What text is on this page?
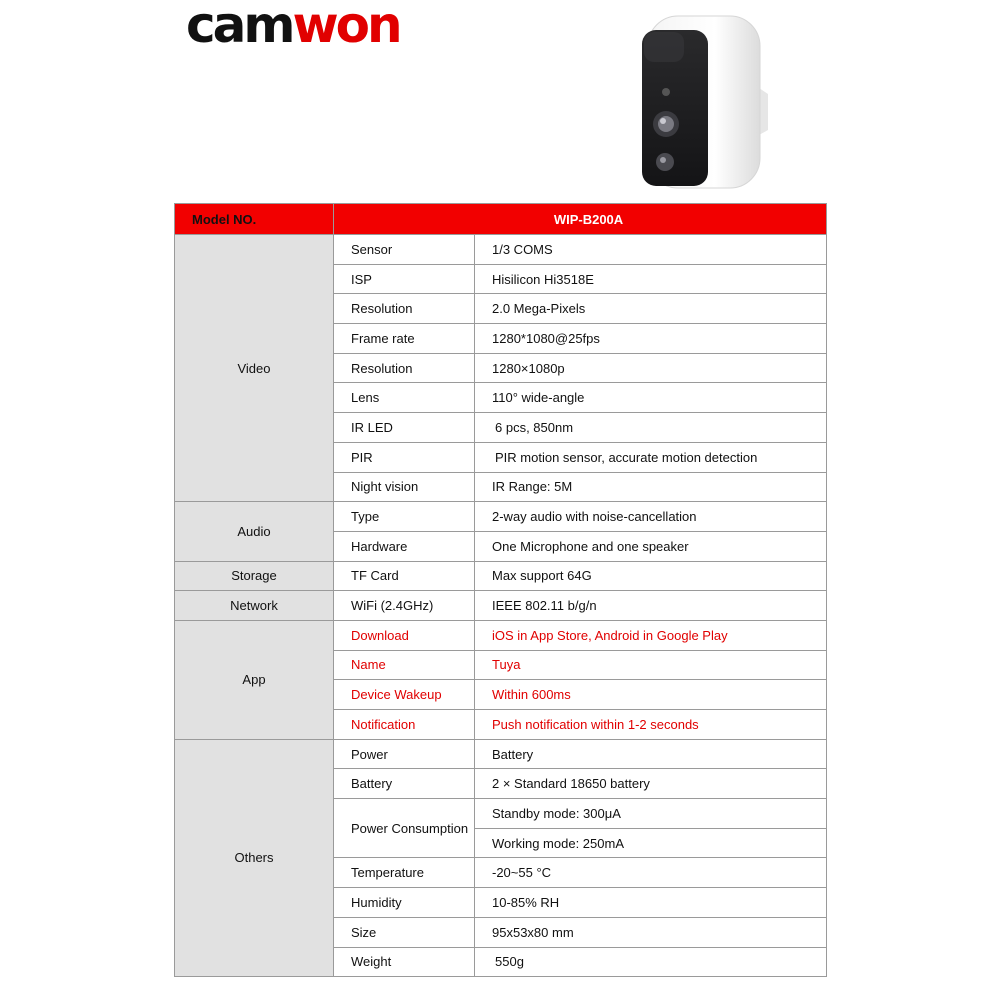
camwon
Model NO.	WIP-B200A	
Video	Sensor	1/3 COMS
	ISP	Hisilicon Hi3518E
	Resolution	2.0 Mega-Pixels
	Frame rate	1280*1080@25fps
	Resolution	1280×1080p
	Lens	110° wide-angle
	IR LED	6 pcs, 850nm
	PIR	PIR motion sensor, accurate motion detection
	Night vision	IR Range: 5M
Audio	Type	2-way audio with noise-cancellation
	Hardware	One Microphone and one speaker
Storage	TF Card	Max support 64G
Network	WiFi (2.4GHz)	IEEE 802.11 b/g/n
App	Download	iOS in App Store, Android in Google Play
	Name	Tuya
	Device Wakeup	Within 600ms
	Notification	Push notification within 1-2 seconds
Others	Power	Battery
	Battery	2 × Standard 18650 battery
	Power Consumption	Standby mode: 300μA
		Working mode: 250mA
	Temperature	-20~55 °C
	Humidity	10-85% RH
	Size	95x53x80 mm
	Weight	550g
